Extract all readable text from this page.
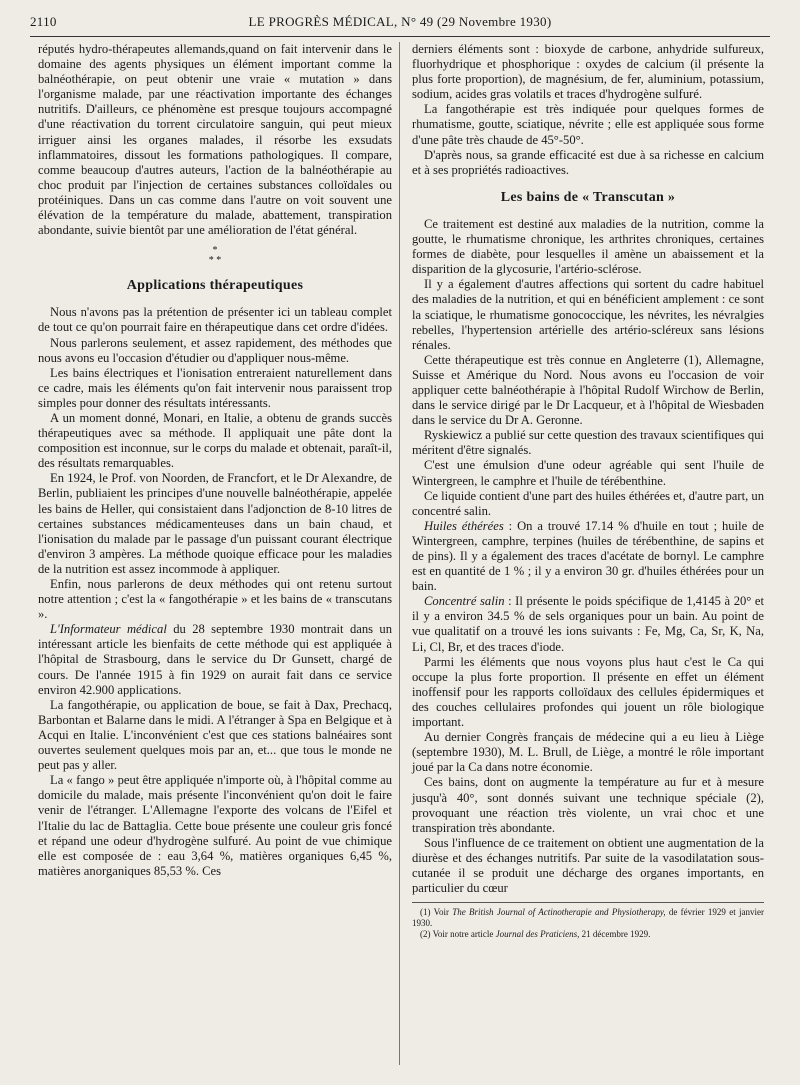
2110	LE PROGRÈS MÉDICAL, N° 49 (29 Novembre 1930)

réputés hydro-thérapeutes allemands,quand on fait intervenir dans le domaine des agents physiques un élément important comme la balnéothérapie, on peut obtenir une vraie « mutation » dans l'organisme malade, par une réactivation importante des échanges nutritifs. D'ailleurs, ce phénomène est presque toujours accompagné d'une réactivation du torrent circulatoire sanguin, qui peut mieux irriguer ainsi les organes malades, il résorbe les exsudats inflammatoires, dissout les formations pathologiques. Il compare, comme beaucoup d'autres auteurs, l'action de la balnéothérapie au choc produit par l'injection de certaines substances colloïdales ou protéiniques. Dans un cas comme dans l'autre on voit souvent une élévation de la température du malade, abattement, transpiration abondante, suivie bientôt par une amélioration de l'état général.

*
* *
Applications thérapeutiques

Nous n'avons pas la prétention de présenter ici un tableau complet de tout ce qu'on pourrait faire en thérapeutique dans cet ordre d'idées.

Nous parlerons seulement, et assez rapidement, des méthodes que nous avons eu l'occasion d'étudier ou d'appliquer nous-même.

Les bains électriques et l'ionisation entreraient naturellement dans ce cadre, mais les éléments qu'on fait intervenir nous paraissent trop simples pour donner des résultats intéressants.

A un moment donné, Monari, en Italie, a obtenu de grands succès thérapeutiques avec sa méthode. Il appliquait une pâte dont la composition est inconnue, sur le corps du malade et obtenait, paraît-il, des résultats remarquables.

En 1924, le Prof. von Noorden, de Francfort, et le Dr Alexandre, de Berlin, publiaient les principes d'une nouvelle balnéothérapie, appelée les bains de Heller, qui consistaient dans l'adjonction de 8-10 litres de certaines substances médicamenteuses dans un bain chaud, et l'ionisation du malade par le passage d'un puissant courant électrique d'environ 3 ampères. La méthode quoique efficace pour les maladies de la nutrition est assez incommode à appliquer.

Enfin, nous parlerons de deux méthodes qui ont retenu surtout notre attention ; c'est la « fangothérapie » et les bains de « transcutans ».

L'Informateur médical du 28 septembre 1930 montrait dans un intéressant article les bienfaits de cette méthode qui est appliquée à l'hôpital de Strasbourg, dans le service du Dr Gunsett, chargé de cours. De l'année 1915 à fin 1929 on aurait fait dans ce service environ 42.900 applications.

La fangothérapie, ou application de boue, se fait à Dax, Prechacq, Barbontan et Balarne dans le midi. A l'étranger à Spa en Belgique et à Acqui en Italie. L'inconvénient c'est que ces stations balnéaires sont ouvertes seulement quelques mois par an, et... que tous le monde ne peut pas y aller.

La « fango » peut être appliquée n'importe où, à l'hôpital comme au domicile du malade, mais présente l'inconvénient qu'on doit le faire venir de l'étranger. L'Allemagne l'exporte des volcans de l'Eifel et l'Italie du lac de Battaglia. Cette boue présente une couleur gris foncé et répand une odeur d'hydrogène sulfuré. Au point de vue chimique elle est composée de : eau 3,64 %, matières organiques 6,45 %, matières anorganiques 85,53 %. Ces

derniers éléments sont : bioxyde de carbone, anhydride sulfureux, fluorhydrique et phosphorique : oxydes de calcium (il présente la plus forte proportion), de magnésium, de fer, aluminium, potassium, sodium, acides gras volatils et traces d'hydrogène sulfuré.

La fangothérapie est très indiquée pour quelques formes de rhumatisme, goutte, sciatique, névrite ; elle est appliquée sous forme d'une pâte très chaude de 45°-50°.

D'après nous, sa grande efficacité est due à sa richesse en calcium et à ses propriétés radioactives.

Les bains de « Transcutan »

Ce traitement est destiné aux maladies de la nutrition, comme la goutte, le rhumatisme chronique, les arthrites chroniques, certaines formes de diabète, pour lesquelles il amène un abaissement et la disparition de la glycosurie, l'artério-sclérose.

Il y a également d'autres affections qui sortent du cadre habituel des maladies de la nutrition, et qui en bénéficient amplement : ce sont la sciatique, le rhumatisme gonococcique, les névrites, les névralgies rebelles, l'hypertension artérielle des artério-scléreux sans lésions rénales.

Cette thérapeutique est très connue en Angleterre (1), Allemagne, Suisse et Amérique du Nord. Nous avons eu l'occasion de voir appliquer cette balnéothérapie à l'hôpital Rudolf Wirchow de Berlin, dans le service dirigé par le Dr Lacqueur, et à l'hôpital de Wiesbaden dans le service du Dr A. Geronne.

Ryskiewicz a publié sur cette question des travaux scientifiques qui méritent d'être signalés.

C'est une émulsion d'une odeur agréable qui sent l'huile de Wintergreen, le camphre et l'huile de térébenthine.

Ce liquide contient d'une part des huiles éthérées et, d'autre part, un concentré salin.

Huiles éthérées : On a trouvé 17.14 % d'huile en tout ; huile de Wintergreen, camphre, terpines (huiles de térébenthine, de sapins et de pins). Il y a également des traces d'acétate de bornyl. Le camphre est en quantité de 1 % ; il y a environ 30 gr. d'huiles éthérées pour un bain.

Concentré salin : Il présente le poids spécifique de 1,4145 à 20° et il y a environ 34.5 % de sels organiques pour un bain. Au point de vue qualitatif on a trouvé les ions suivants : Fe, Mg, Ca, Sr, K, Na, Li, Cl, Br, et des traces d'iode.

Parmi les éléments que nous voyons plus haut c'est le Ca qui occupe la plus forte proportion. Il présente en effet un élément inoffensif pour les rapports colloïdaux des cellules épidermiques et des couches cellulaires profondes qui jouent un rôle biologique important.

Au dernier Congrès français de médecine qui a eu lieu à Liège (septembre 1930), M. L. Brull, de Liège, a montré le rôle important joué par la Ca dans notre économie.

Ces bains, dont on augmente la température au fur et à mesure jusqu'à 40°, sont donnés suivant une technique spéciale (2), provoquant une réaction très violente, un vrai choc et une transpiration très abondante.

Sous l'influence de ce traitement on obtient une augmentation de la diurèse et des échanges nutritifs. Par suite de la vasodilatation sous-cutanée il se produit une décharge des organes importants, en particulier du cœur

(1) Voir The British Journal of Actinotherapie and Physiotherapy, de février 1929 et janvier 1930.

(2) Voir notre article Journal des Praticiens, 21 décembre 1929.
